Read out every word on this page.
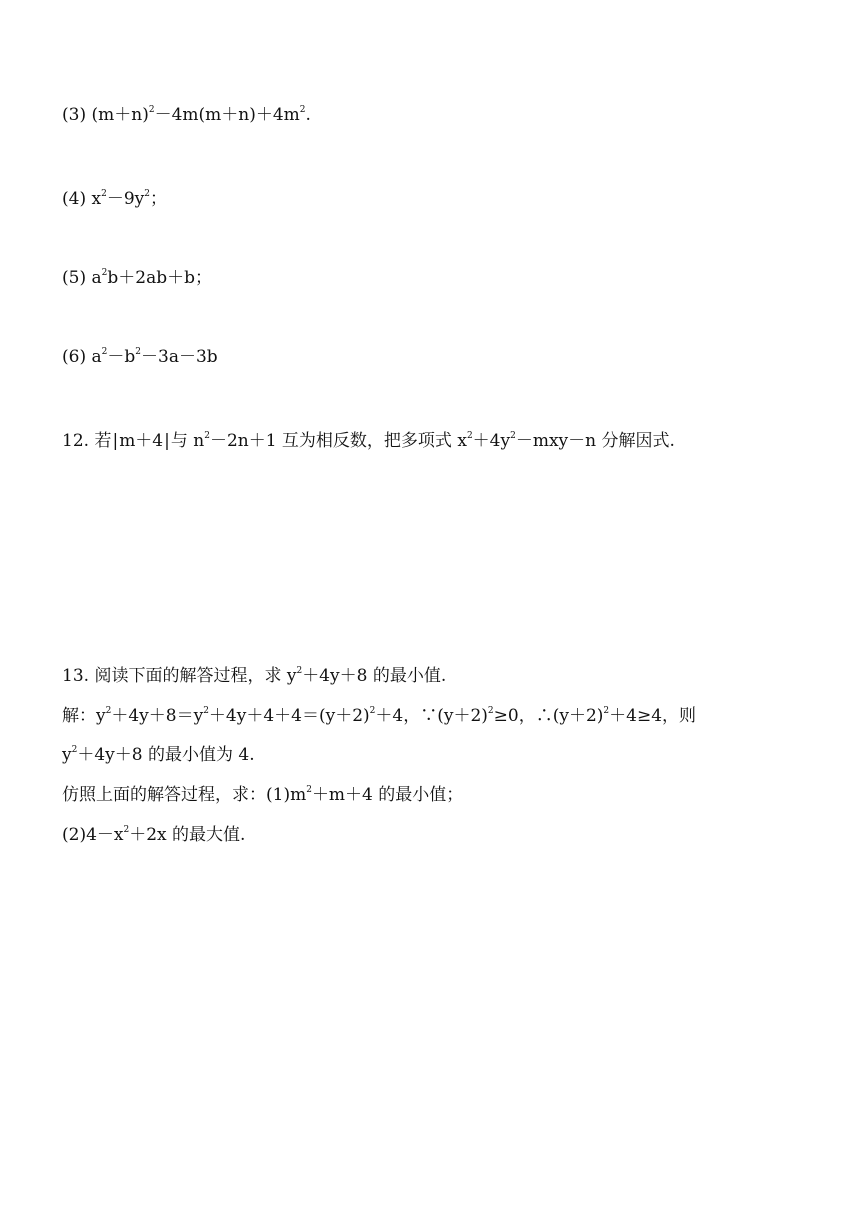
(3) $(m+n)^2-4m(m+n)+4m^2$.
(4) $x^2-9y^2$；
(5) $a^2b+2ab+b$；
(6) $a^2-b^2-3a-3b$
12. 若|m＋4|与 $n^2-2n+1$ 互为相反数，把多项式 $x^2+4y^2-mxy-n$ 分解因式.
13. 阅读下面的解答过程，求 $y^2+4y+8$ 的最小值.
解：$y^2+4y+8=y^2+4y+4+4=(y+2)^2+4$，$\because(y+2)^2\ge 0$，$\therefore(y+2)^2+4\ge 4$，则
$y^2+4y+8$ 的最小值为 4.
仿照上面的解答过程，求：$(1)m^2+m+4$ 的最小值；
$(2)4-x^2+2x$ 的最大值.
